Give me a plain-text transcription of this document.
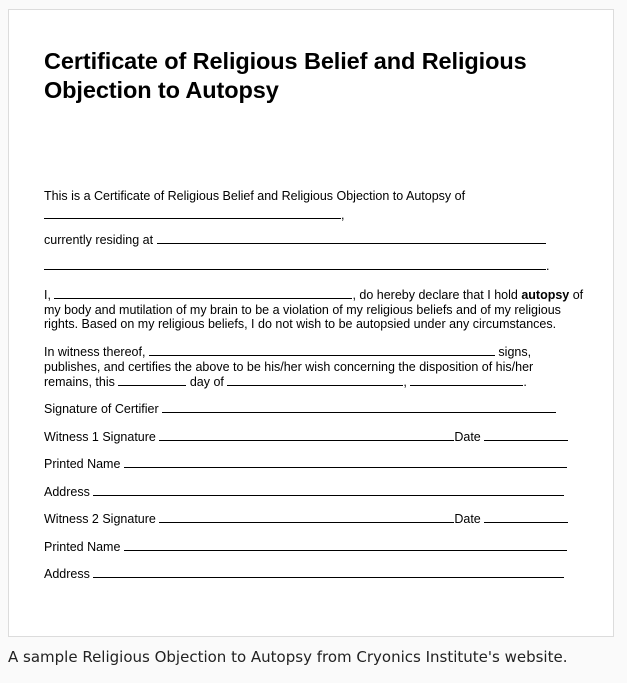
Certificate of Religious Belief and Religious
Objection to Autopsy

This is a Certificate of Religious Belief and Religious Objection to Autopsy of

,

currently residing at

.

I,	, do hereby declare that I hold autopsy of my body and mutilation of my brain to be a violation of my religious beliefs and of my religious rights. Based on my religious beliefs, I do not wish to be autopsied under any circumstances.

In witness thereof,	signs, publishes, and certifies the above to be his/her wish concerning the disposition of his/her
remains, this	day of	,	.

Signature of Certifier

Witness 1 Signature	Date

Printed Name

Address

Witness 2 Signature	Date

Printed Name

Address

A sample Religious Objection to Autopsy from Cryonics Institute's website.
